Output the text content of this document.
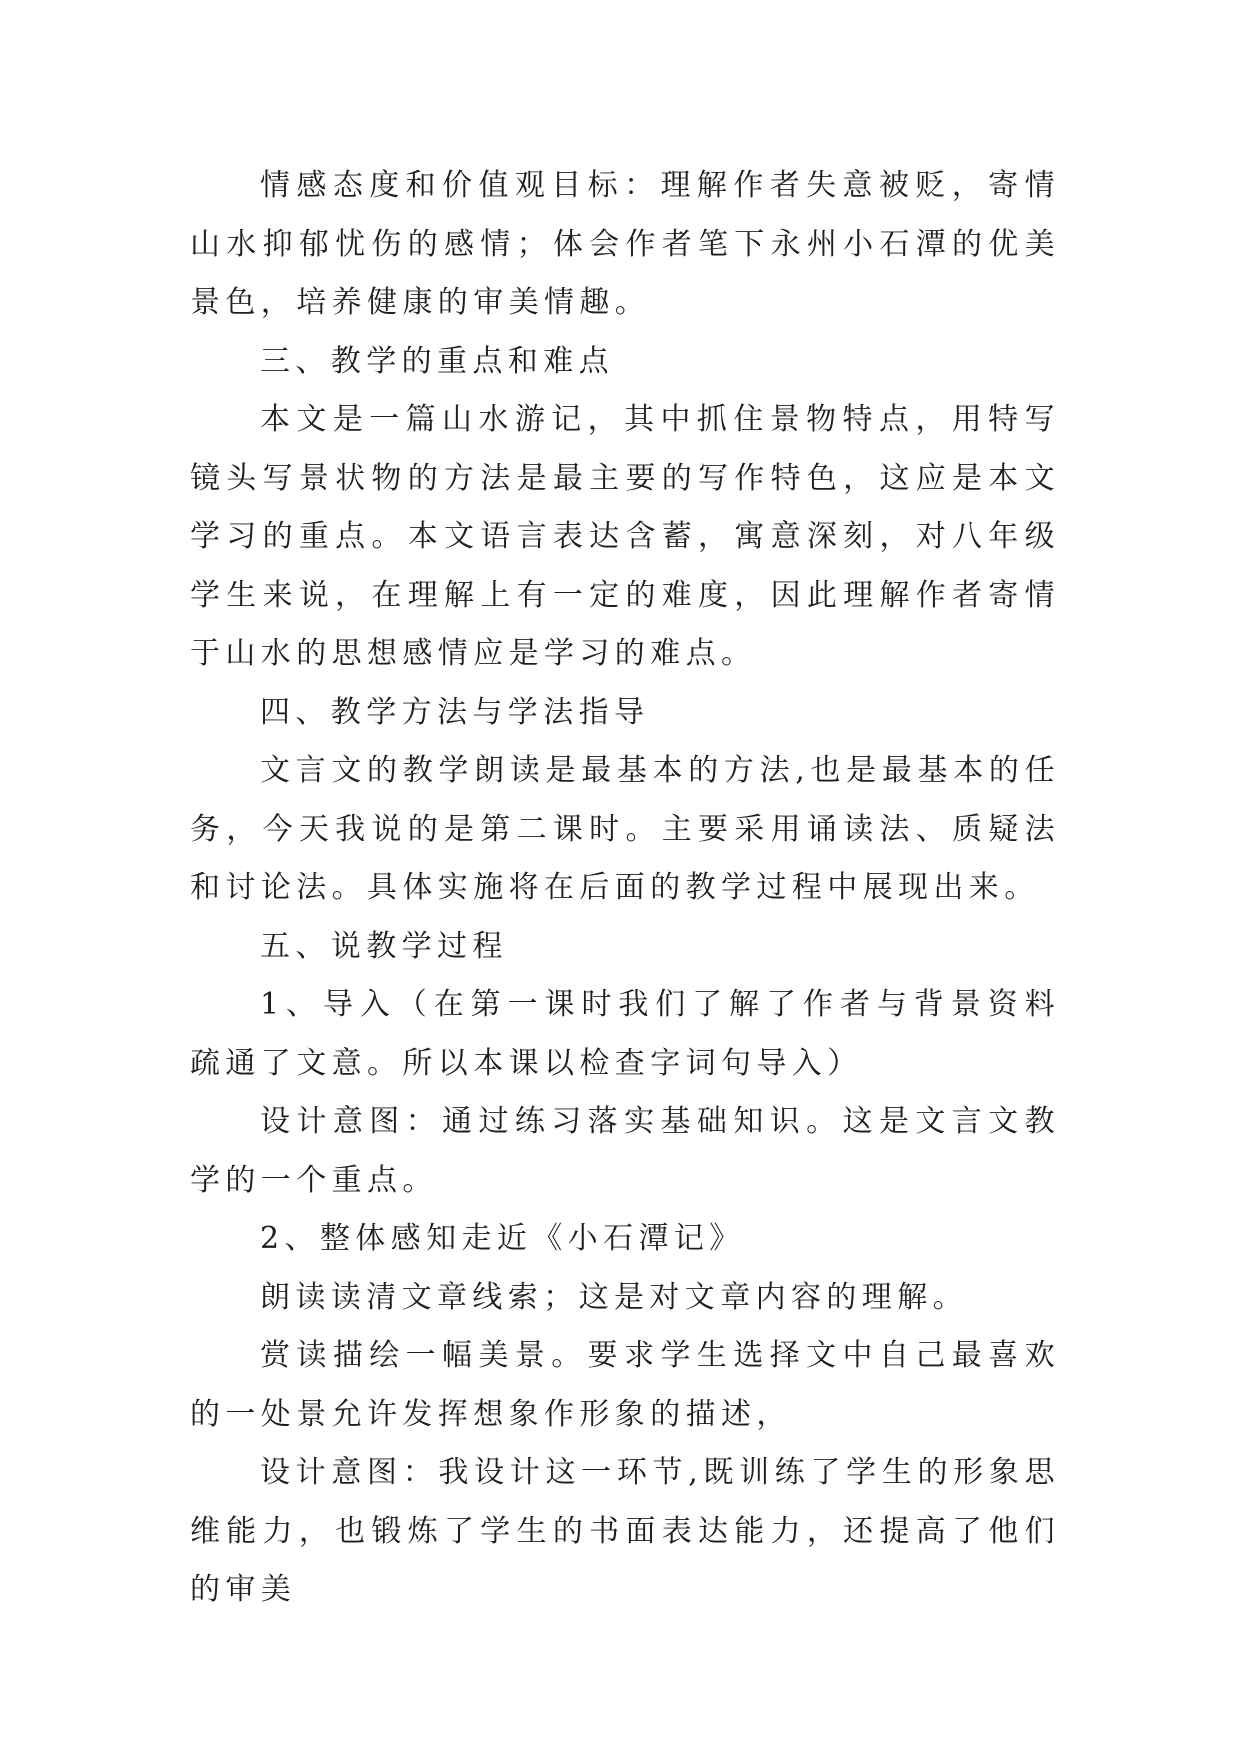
情感态度和价值观目标：理解作者失意被贬，寄情山水抑郁忧伤的感情；体会作者笔下永州小石潭的优美景色，培养健康的审美情趣。

三、教学的重点和难点

本文是一篇山水游记，其中抓住景物特点，用特写镜头写景状物的方法是最主要的写作特色，这应是本文学习的重点。本文语言表达含蓄，寓意深刻，对八年级学生来说，在理解上有一定的难度，因此理解作者寄情于山水的思想感情应是学习的难点。

四、教学方法与学法指导

文言文的教学朗读是最基本的方法,也是最基本的任务，今天我说的是第二课时。主要采用诵读法、质疑法和讨论法。具体实施将在后面的教学过程中展现出来。

五、说教学过程

1、导入（在第一课时我们了解了作者与背景资料疏通了文意。所以本课以检查字词句导入）

设计意图：通过练习落实基础知识。这是文言文教学的一个重点。

2、整体感知走近《小石潭记》

朗读读清文章线索；这是对文章内容的理解。

赏读描绘一幅美景。要求学生选择文中自己最喜欢的一处景允许发挥想象作形象的描述，

设计意图：我设计这一环节,既训练了学生的形象思维能力，也锻炼了学生的书面表达能力，还提高了他们的审美
